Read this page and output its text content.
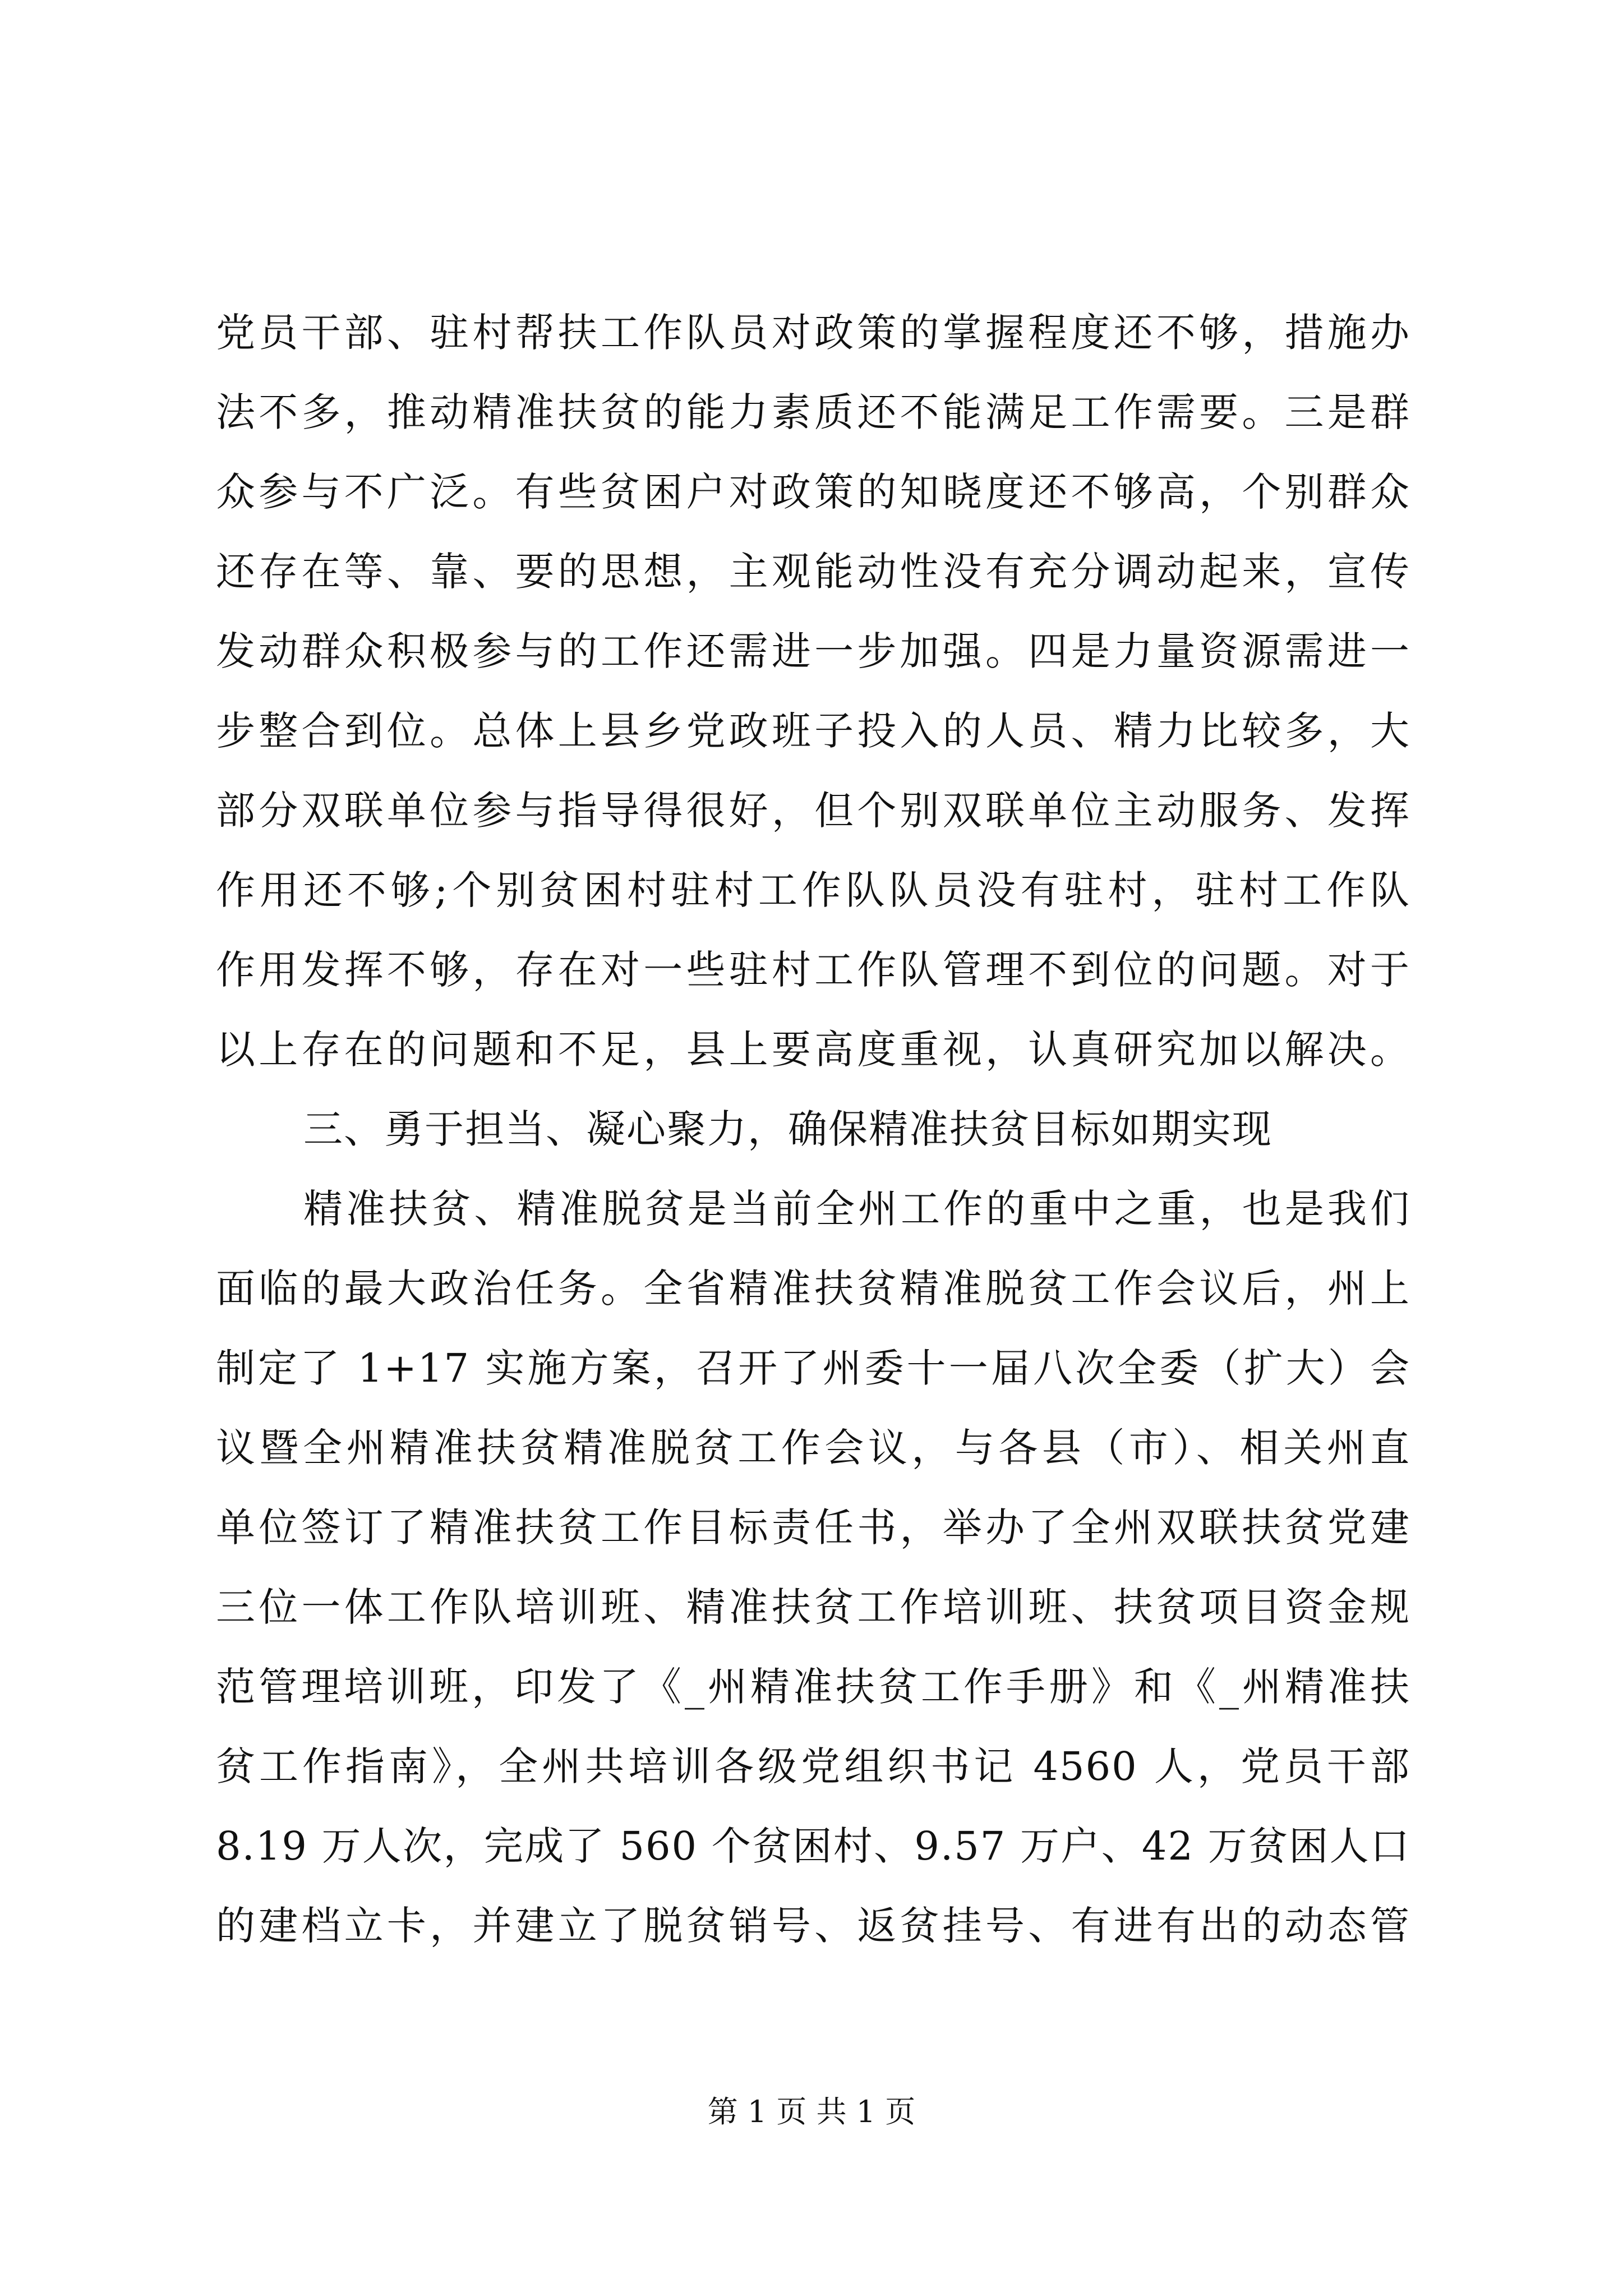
党员干部、驻村帮扶工作队员对政策的掌握程度还不够，措施办
法不多，推动精准扶贫的能力素质还不能满足工作需要。三是群
众参与不广泛。有些贫困户对政策的知晓度还不够高，个别群众
还存在等、靠、要的思想，主观能动性没有充分调动起来，宣传
发动群众积极参与的工作还需进一步加强。四是力量资源需进一
步整合到位。总体上县乡党政班子投入的人员、精力比较多，大
部分双联单位参与指导得很好，但个别双联单位主动服务、发挥
作用还不够;个别贫困村驻村工作队队员没有驻村，驻村工作队
作用发挥不够，存在对一些驻村工作队管理不到位的问题。对于
以上存在的问题和不足，县上要高度重视，认真研究加以解决。
三、勇于担当、凝心聚力，确保精准扶贫目标如期实现
精准扶贫、精准脱贫是当前全州工作的重中之重，也是我们
面临的最大政治任务。全省精准扶贫精准脱贫工作会议后，州上
制定了 1+17 实施方案，召开了州委十一届八次全委（扩大）会
议暨全州精准扶贫精准脱贫工作会议，与各县（市）、相关州直
单位签订了精准扶贫工作目标责任书，举办了全州双联扶贫党建
三位一体工作队培训班、精准扶贫工作培训班、扶贫项目资金规
范管理培训班，印发了《_州精准扶贫工作手册》和《_州精准扶
贫工作指南》，全州共培训各级党组织书记 4560 人，党员干部
8.19 万人次，完成了 560 个贫困村、9.57 万户、42 万贫困人口
的建档立卡，并建立了脱贫销号、返贫挂号、有进有出的动态管
第 1 页 共 1 页
